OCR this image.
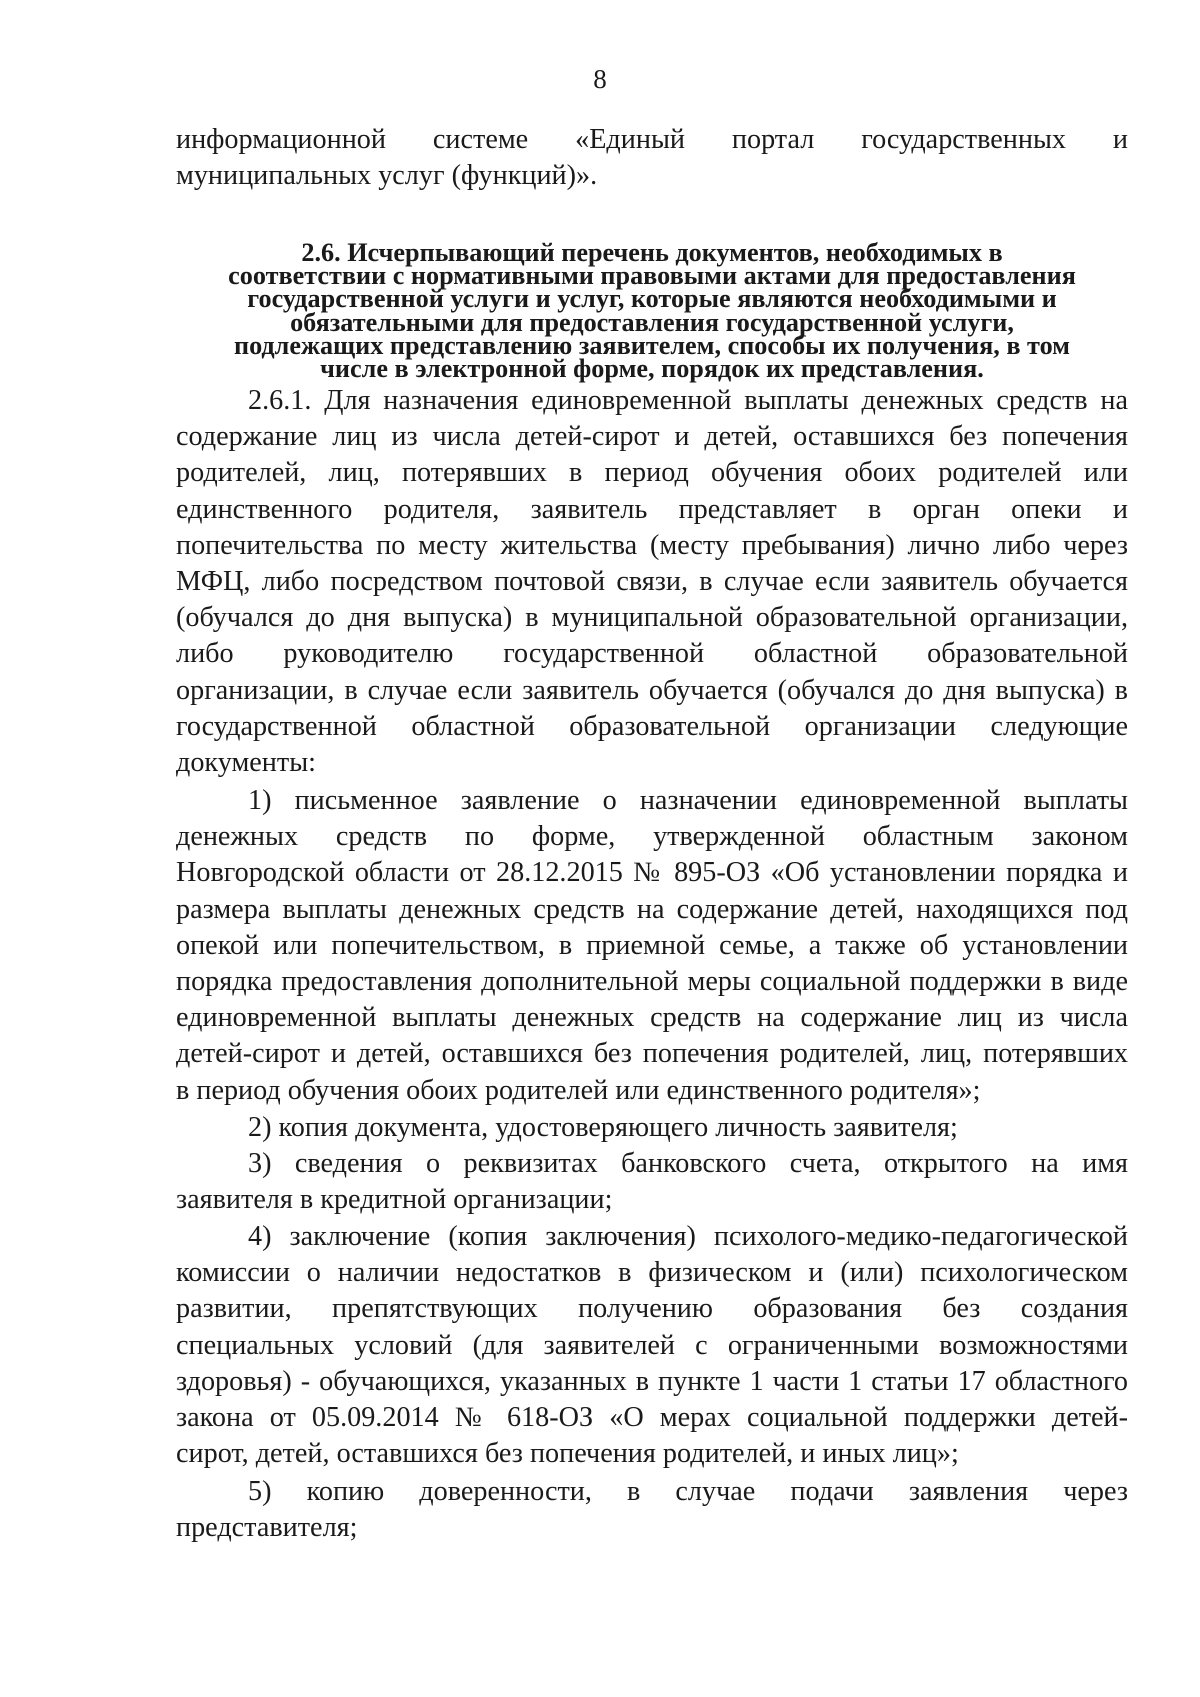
8
информационной системе «Единый портал государственных и
муниципальных услуг (функций)».
2.6. Исчерпывающий перечень документов, необходимых в
соответствии с нормативными правовыми актами для предоставления
государственной услуги и услуг, которые являются необходимыми и
обязательными для предоставления государственной услуги,
подлежащих представлению заявителем, способы их получения, в том
числе в электронной форме, порядок их представления.
2.6.1. Для назначения единовременной выплаты денежных средств на
содержание лиц из числа детей-сирот и детей, оставшихся без попечения
родителей, лиц, потерявших в период обучения обоих родителей или
единственного родителя, заявитель представляет в орган опеки и
попечительства по месту жительства (месту пребывания) лично либо через
МФЦ, либо посредством почтовой связи, в случае если заявитель обучается
(обучался до дня выпуска) в муниципальной образовательной организации,
либо руководителю государственной областной образовательной
организации, в случае если заявитель обучается (обучался до дня выпуска) в
государственной областной образовательной организации следующие
документы:
1) письменное заявление о назначении единовременной выплаты
денежных средств по форме, утвержденной областным законом
Новгородской области от 28.12.2015 № 895-ОЗ «Об установлении порядка и
размера выплаты денежных средств на содержание детей, находящихся под
опекой или попечительством, в приемной семье, а также об установлении
порядка предоставления дополнительной меры социальной поддержки в виде
единовременной выплаты денежных средств на содержание лиц из числа
детей-сирот и детей, оставшихся без попечения родителей, лиц, потерявших
в период обучения обоих родителей или единственного родителя»;
2) копия документа, удостоверяющего личность заявителя;
3) сведения о реквизитах банковского счета, открытого на имя
заявителя в кредитной организации;
4) заключение (копия заключения) психолого-медико-педагогической
комиссии о наличии недостатков в физическом и (или) психологическом
развитии, препятствующих получению образования без создания
специальных условий (для заявителей с ограниченными возможностями
здоровья) - обучающихся, указанных в пункте 1 части 1 статьи 17 областного
закона от 05.09.2014 № 618-ОЗ «О мерах социальной поддержки детей-
сирот, детей, оставшихся без попечения родителей, и иных лиц»;
5) копию доверенности, в случае подачи заявления через
представителя;
